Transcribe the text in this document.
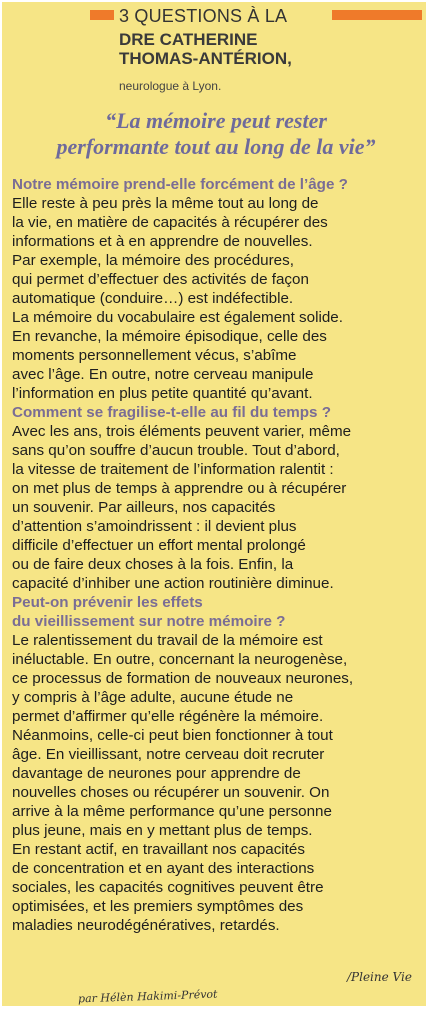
3 QUESTIONS À LA
DRE CATHERINE
THOMAS-ANTÉRION,
neurologue à Lyon.
“La mémoire peut rester
performante tout au long de la vie”
Notre mémoire prend-elle forcément de l’âge ?
Elle reste à peu près la même tout au long de
la vie, en matière de capacités à récupérer des
informations et à en apprendre de nouvelles.
Par exemple, la mémoire des procédures,
qui permet d’effectuer des activités de façon
automatique (conduire…) est indéfectible.
La mémoire du vocabulaire est également solide.
En revanche, la mémoire épisodique, celle des
moments personnellement vécus, s’abîme
avec l’âge. En outre, notre cerveau manipule
l’information en plus petite quantité qu’avant.
Comment se fragilise-t-elle au fil du temps ?
Avec les ans, trois éléments peuvent varier, même
sans qu’on souffre d’aucun trouble. Tout d’abord,
la vitesse de traitement de l’information ralentit :
on met plus de temps à apprendre ou à récupérer
un souvenir. Par ailleurs, nos capacités
d’attention s’amoindrissent : il devient plus
difficile d’effectuer un effort mental prolongé
ou de faire deux choses à la fois. Enfin, la
capacité d’inhiber une action routinière diminue.
Peut-on prévenir les effets
du vieillissement sur notre mémoire ?
Le ralentissement du travail de la mémoire est
inéluctable. En outre, concernant la neurogenèse,
ce processus de formation de nouveaux neurones,
y compris à l’âge adulte, aucune étude ne
permet d’affirmer qu’elle régénère la mémoire.
Néanmoins, celle-ci peut bien fonctionner à tout
âge. En vieillissant, notre cerveau doit recruter
davantage de neurones pour apprendre de
nouvelles choses ou récupérer un souvenir. On
arrive à la même performance qu’une personne
plus jeune, mais en y mettant plus de temps.
En restant actif, en travaillant nos capacités
de concentration et en ayant des interactions
sociales, les capacités cognitives peuvent être
optimisées, et les premiers symptômes des
maladies neurodégénératives, retardés.
/Pleine Vie
par Hélèn Hakimi-Prévot
